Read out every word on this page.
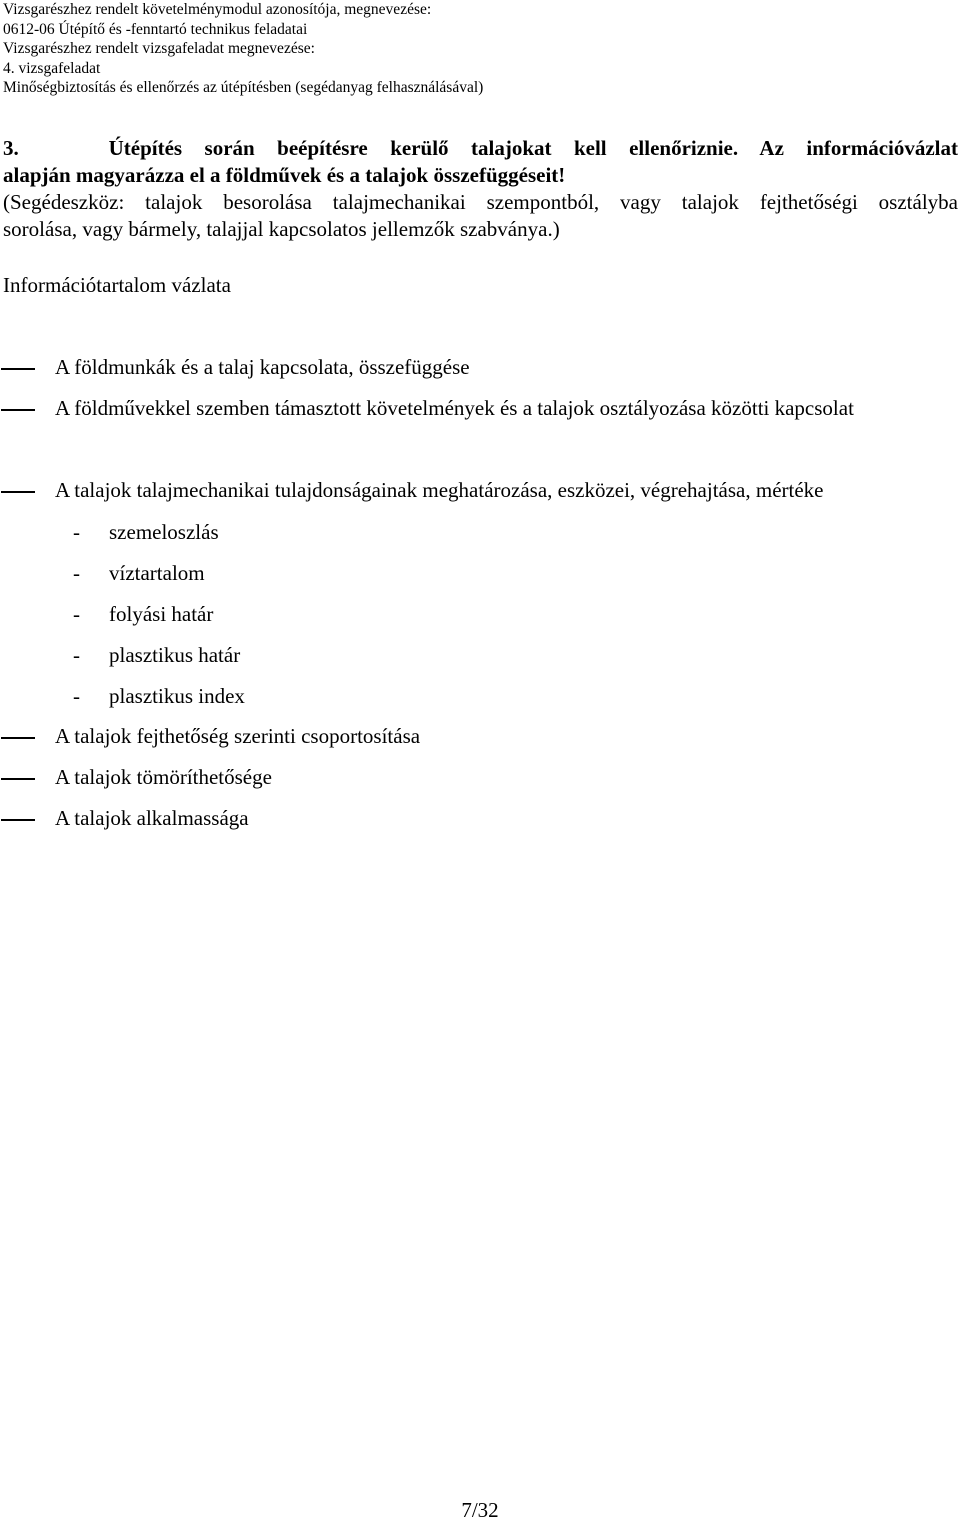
Vizsgarészhez rendelt követelménymodul azonosítója, megnevezése:
0612-06 Útépítő és -fenntartó technikus feladatai
Vizsgarészhez rendelt vizsgafeladat megnevezése:
4. vizsgafeladat
Minőségbiztosítás és ellenőrzés az útépítésben (segédanyag felhasználásával)
3.    Útépítés során beépítésre kerülő talajokat kell ellenőriznie. Az információvázlat
alapján magyarázza el a földművek és a talajok összefüggéseit!
(Segédeszköz: talajok besorolása talajmechanikai szempontból, vagy talajok fejthetőségi osztályba
sorolása, vagy bármely, talajjal kapcsolatos jellemzők szabványa.)
Információtartalom vázlata
A földmunkák és a talaj kapcsolata, összefüggése
A földművekkel szemben támasztott követelmények és a talajok osztályozása közötti kapcsolat
A talajok talajmechanikai tulajdonságainak meghatározása, eszközei, végrehajtása, mértéke
- szemeloszlás
- víztartalom
- folyási határ
- plasztikus határ
- plasztikus index
A talajok fejthetőség szerinti csoportosítása
A talajok tömöríthetősége
A talajok alkalmassága
7/32
